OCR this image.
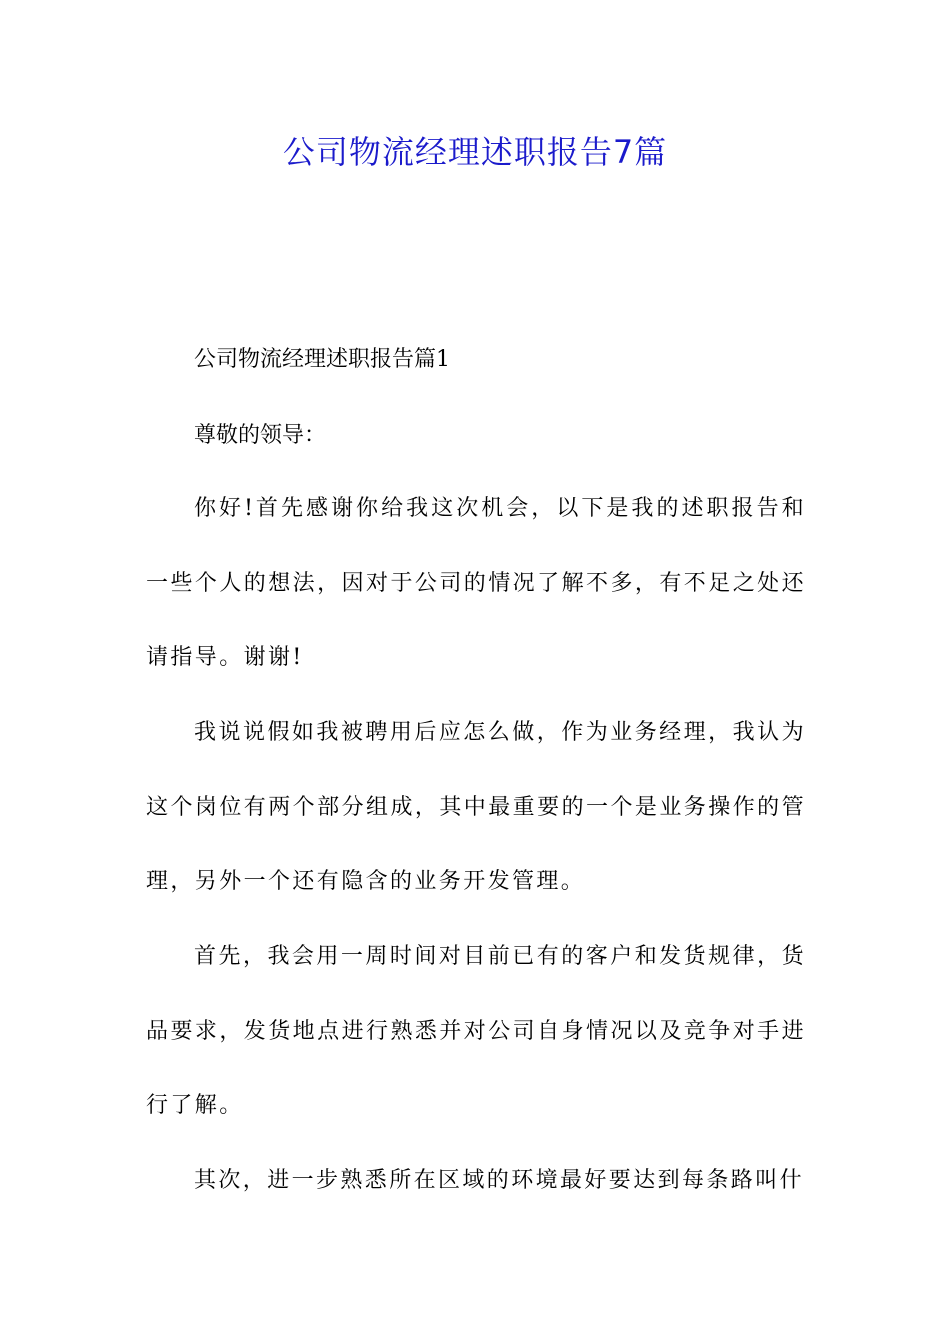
公司物流经理述职报告7篇

公司物流经理述职报告篇1

尊敬的领导：

你好!首先感谢你给我这次机会，以下是我的述职报告和一些个人的想法，因对于公司的情况了解不多，有不足之处还请指导。谢谢!

我说说假如我被聘用后应怎么做，作为业务经理，我认为这个岗位有两个部分组成，其中最重要的一个是业务操作的管理，另外一个还有隐含的业务开发管理。

首先，我会用一周时间对目前已有的客户和发货规律，货品要求，发货地点进行熟悉并对公司自身情况以及竞争对手进行了解。

其次，进一步熟悉所在区域的环境最好要达到每条路叫什
